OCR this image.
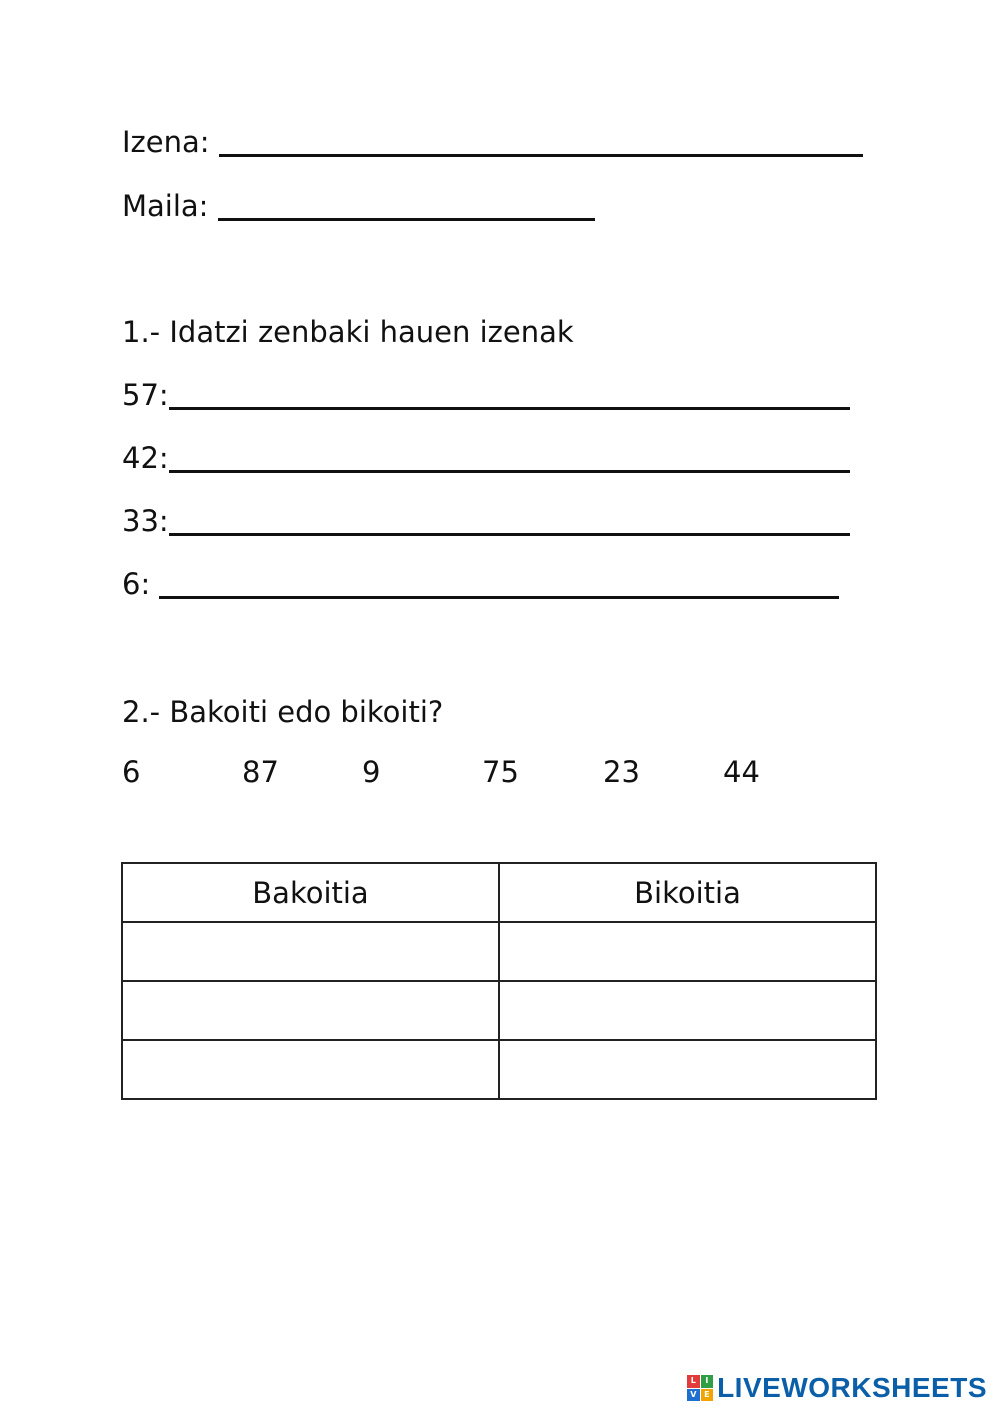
Izena:

Maila:

1.- Idatzi zenbaki hauen izenak
57:
42:
33:
6:
2.- Bakoiti edo bikoiti?
6	87	9	75	23	44
Bakoitia	Bikoitia

L	I
V E LIVEWORKSHEETS
